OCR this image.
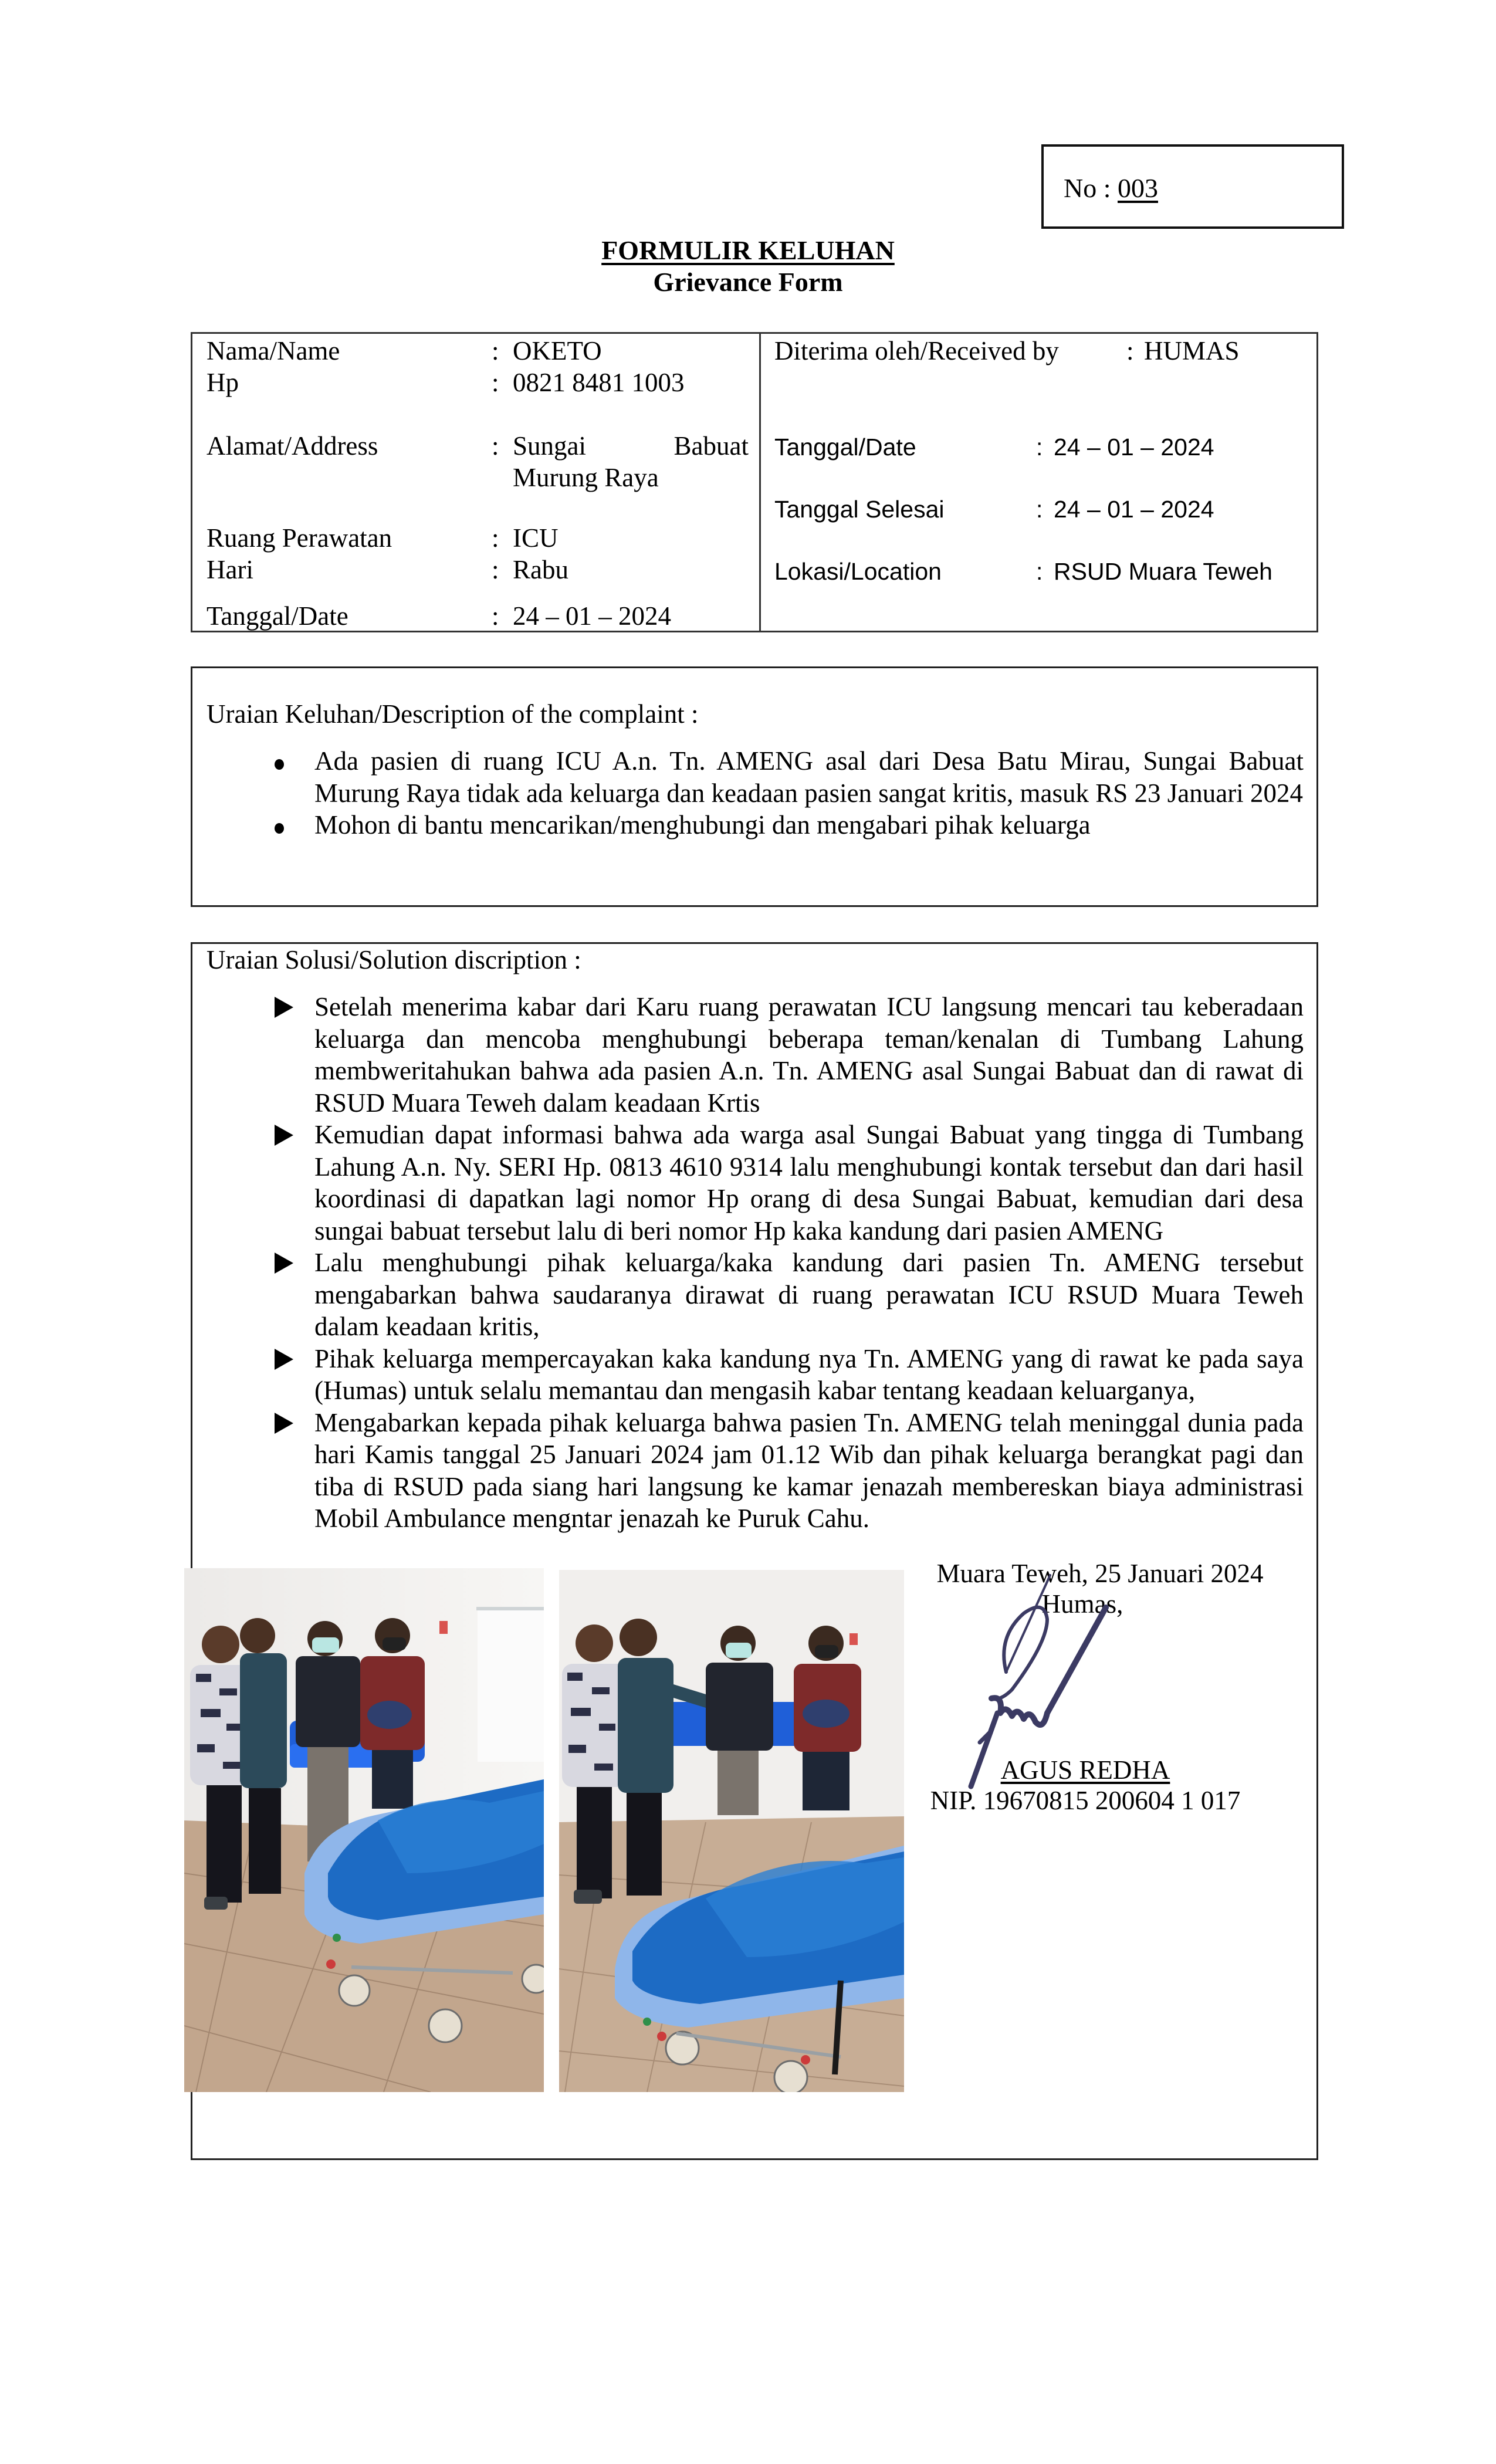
No : 003
FORMULIR KELUHAN
Grievance Form
Nama/Name	: OKETO
Hp	: 0821 8481 1003
Alamat/Address	: Sungai	Babuat
Murung Raya
Ruang Perawatan	: ICU
Hari	: Rabu
Tanggal/Date	: 24 – 01 – 2024
Diterima oleh/Received by	: HUMAS
Tanggal/Date	: 24 – 01 – 2024
Tanggal Selesai	: 24 – 01 – 2024
Lokasi/Location	: RSUD Muara Teweh
Uraian Keluhan/Description of the complaint :
Ada pasien di ruang ICU A.n. Tn. AMENG asal dari Desa Batu Mirau, Sungai Babuat Murung Raya tidak ada keluarga dan keadaan pasien sangat kritis, masuk RS 23 Januari 2024
Mohon di bantu mencarikan/menghubungi dan mengabari pihak keluarga
Uraian Solusi/Solution discription :
Setelah menerima kabar dari Karu ruang perawatan ICU langsung mencari tau keberadaan keluarga dan mencoba menghubungi beberapa teman/kenalan di Tumbang Lahung membweritahukan bahwa ada pasien A.n. Tn. AMENG asal Sungai Babuat dan di rawat di RSUD Muara Teweh dalam keadaan Krtis
Kemudian dapat informasi bahwa ada warga asal Sungai Babuat yang tingga di Tumbang Lahung A.n. Ny. SERI Hp. 0813 4610 9314 lalu menghubungi kontak tersebut dan dari hasil koordinasi di dapatkan lagi nomor Hp orang di desa Sungai Babuat, kemudian dari desa sungai babuat tersebut lalu di beri nomor Hp kaka kandung dari pasien AMENG
Lalu menghubungi pihak keluarga/kaka kandung dari pasien Tn. AMENG tersebut mengabarkan bahwa saudaranya dirawat di ruang perawatan ICU RSUD Muara Teweh dalam keadaan kritis,
Pihak keluarga mempercayakan kaka kandung nya Tn. AMENG yang di rawat ke pada saya (Humas) untuk selalu memantau dan mengasih kabar tentang keadaan keluarganya,
Mengabarkan kepada pihak keluarga bahwa pasien Tn. AMENG telah meninggal dunia pada hari Kamis tanggal 25 Januari 2024 jam 01.12 Wib dan pihak keluarga berangkat pagi dan tiba di RSUD pada siang hari langsung ke kamar jenazah membereskan biaya administrasi Mobil Ambulance mengntar jenazah ke Puruk Cahu.
Muara Teweh, 25 Januari 2024
Humas,
AGUS REDHA
NIP. 19670815 200604 1 017
